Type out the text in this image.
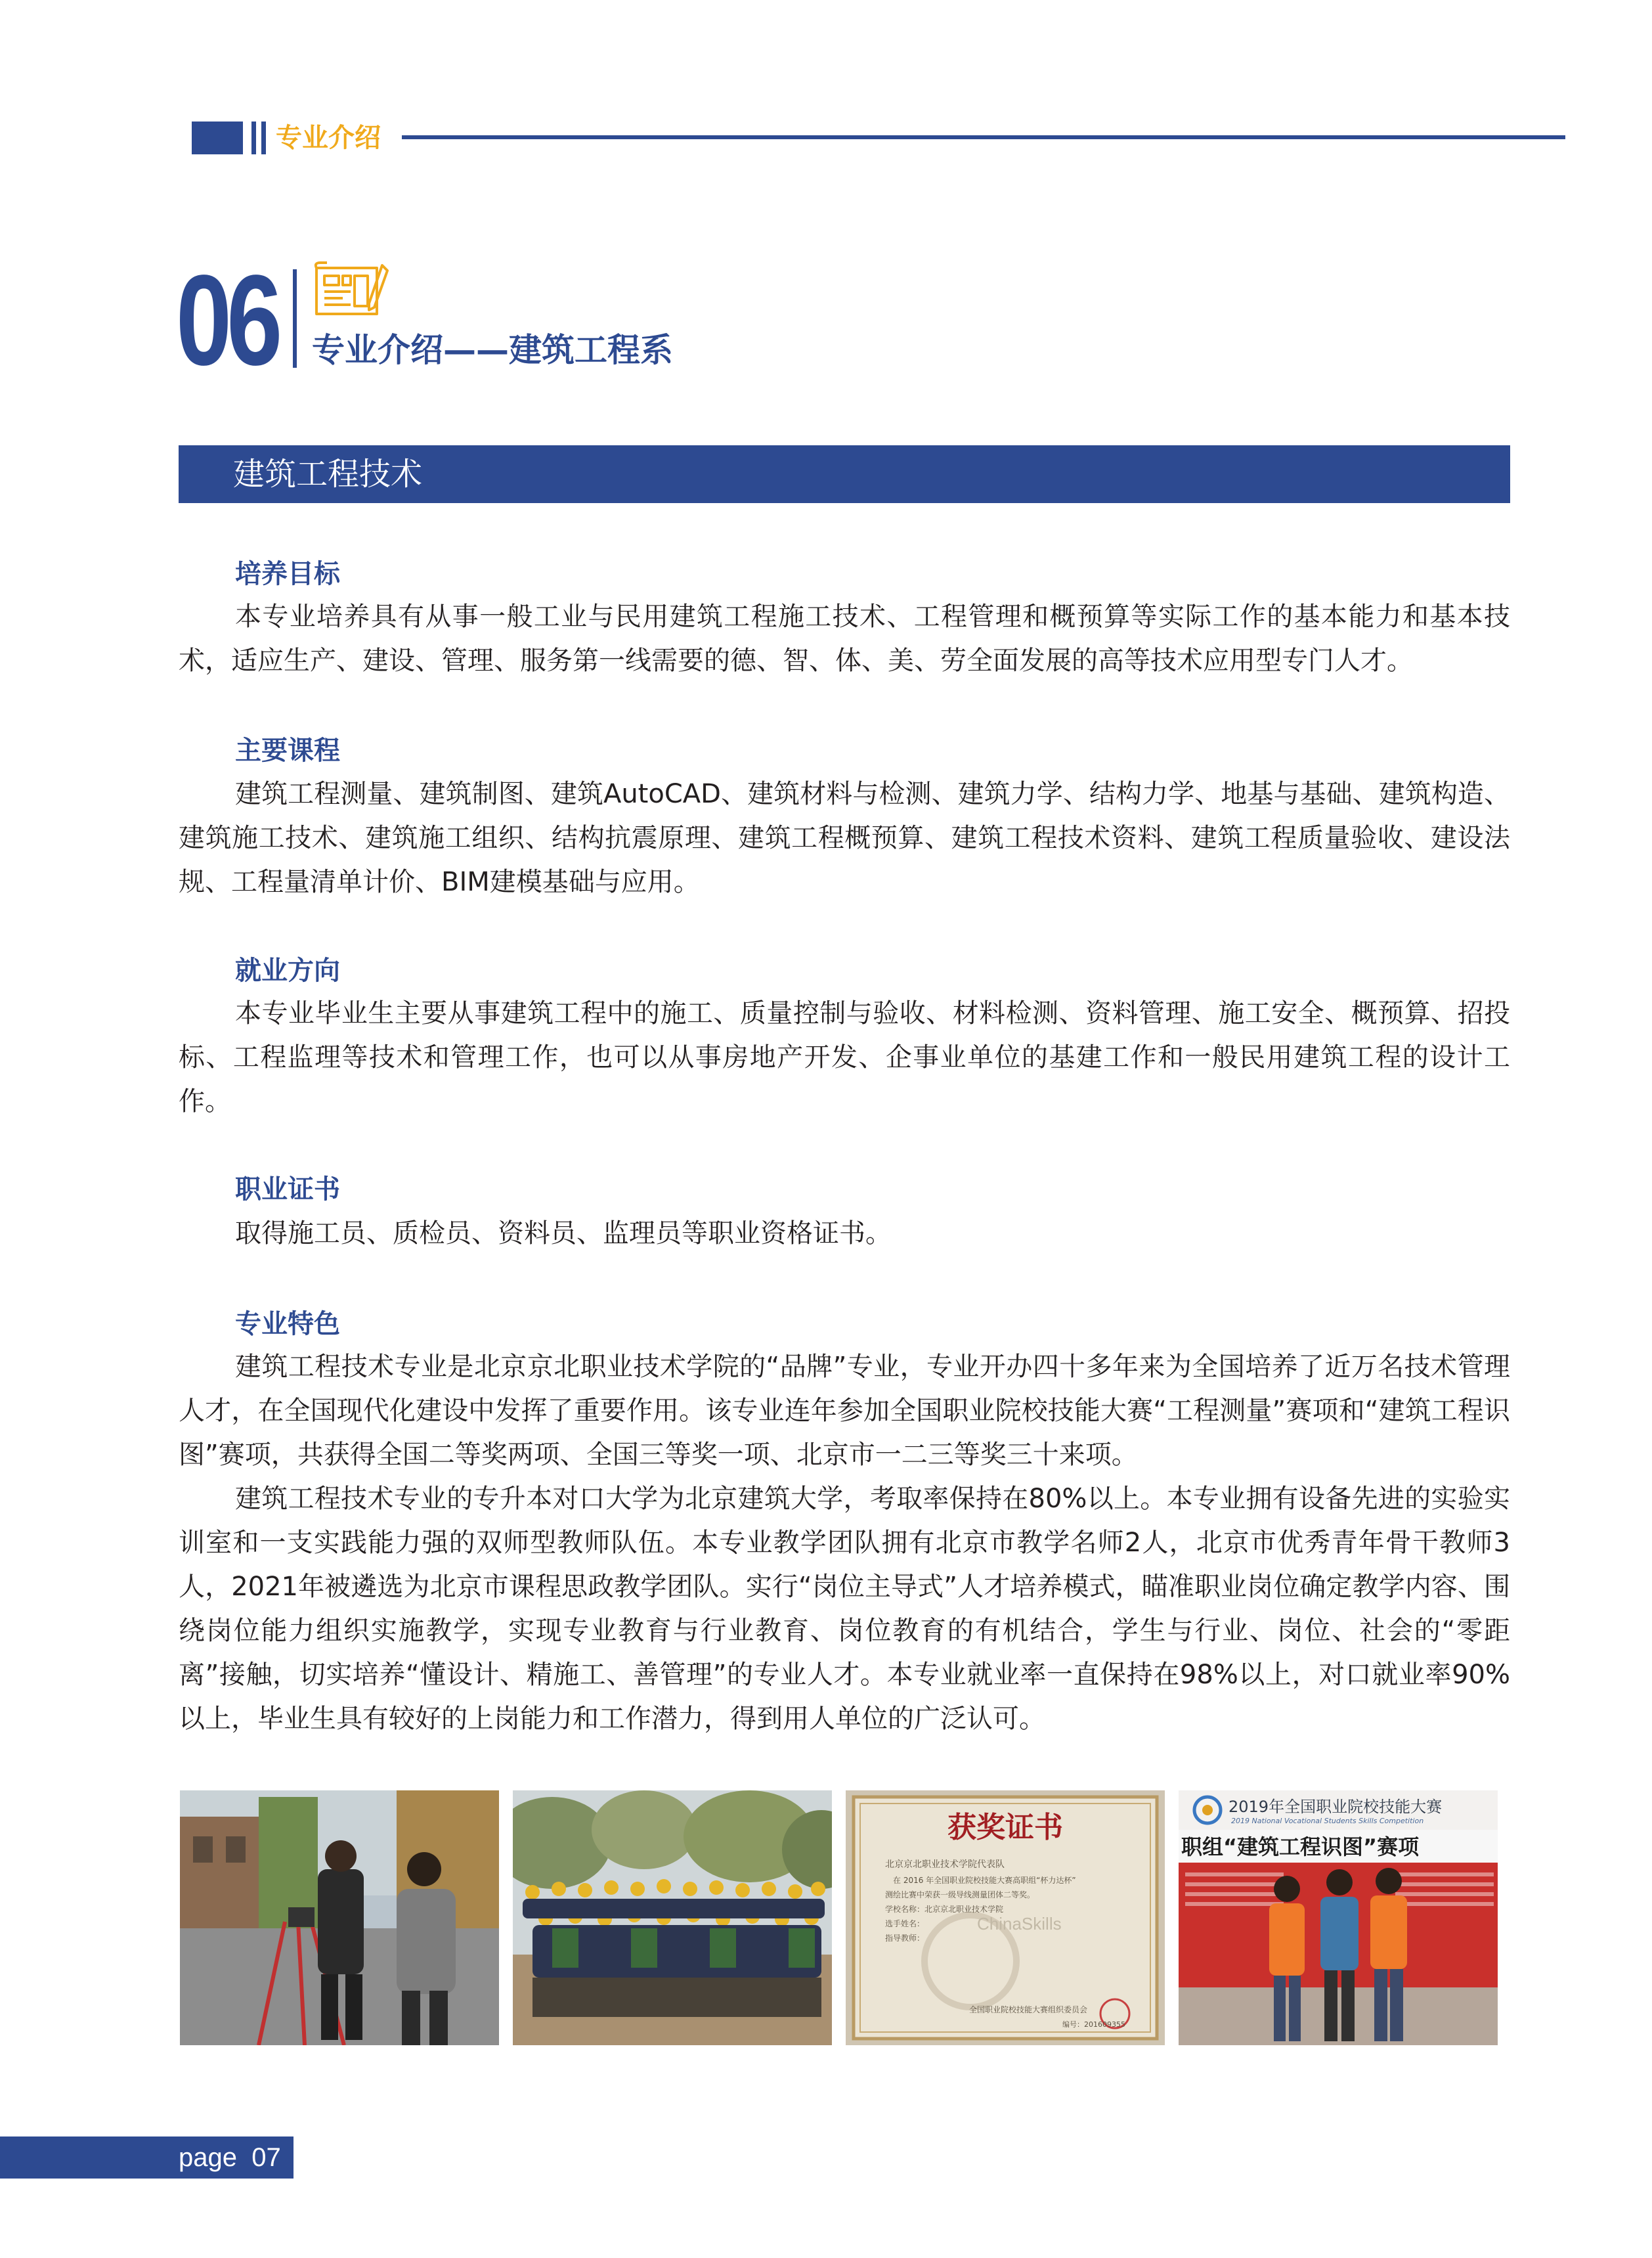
专业介绍
06 专业介绍——建筑工程系
建筑工程技术
培养目标

本专业培养具有从事一般工业与民用建筑工程施工技术、工程管理和概预算等实际工作的基本能力和基本技术，适应生产、建设、管理、服务第一线需要的德、智、体、美、劳全面发展的高等技术应用型专门人才。

主要课程

建筑工程测量、建筑制图、建筑AutoCAD、建筑材料与检测、建筑力学、结构力学、地基与基础、建筑构造、建筑施工技术、建筑施工组织、结构抗震原理、建筑工程概预算、建筑工程技术资料、建筑工程质量验收、建设法规、工程量清单计价、BIM建模基础与应用。

就业方向

本专业毕业生主要从事建筑工程中的施工、质量控制与验收、材料检测、资料管理、施工安全、概预算、招投标、工程监理等技术和管理工作，也可以从事房地产开发、企事业单位的基建工作和一般民用建筑工程的设计工作。

职业证书

取得施工员、质检员、资料员、监理员等职业资格证书。

专业特色

建筑工程技术专业是北京京北职业技术学院的“品牌”专业，专业开办四十多年来为全国培养了近万名技术管理人才，在全国现代化建设中发挥了重要作用。该专业连年参加全国职业院校技能大赛“工程测量”赛项和“建筑工程识图”赛项，共获得全国二等奖两项、全国三等奖一项、北京市一二三等奖三十来项。

建筑工程技术专业的专升本对口大学为北京建筑大学，考取率保持在80%以上。本专业拥有设备先进的实验实训室和一支实践能力强的双师型教师队伍。本专业教学团队拥有北京市教学名师2人，北京市优秀青年骨干教师3人，2021年被遴选为北京市课程思政教学团队。实行“岗位主导式”人才培养模式，瞄准职业岗位确定教学内容、围绕岗位能力组织实施教学，实现专业教育与行业教育、岗位教育的有机结合，学生与行业、岗位、社会的“零距离”接触，切实培养“懂设计、精施工、善管理”的专业人才。本专业就业率一直保持在98%以上，对口就业率90%以上，毕业生具有较好的上岗能力和工作潜力，得到用人单位的广泛认可。

获奖证书
北京京北职业技术学院代表队
在 2016 年全国职业院校技能大赛高职组“杯力达杯”
测绘比赛中荣获一级导线测量团体二等奖。
学校名称：北京京北职业技术学院
选手姓名：
指导教师：
ChinaSkills
全国职业院校技能大赛组织委员会
编号：201609355
2019年全国职业院校技能大赛
2019 National Vocational Students Skills Competition
职组“建筑工程识图”赛项
page  07
